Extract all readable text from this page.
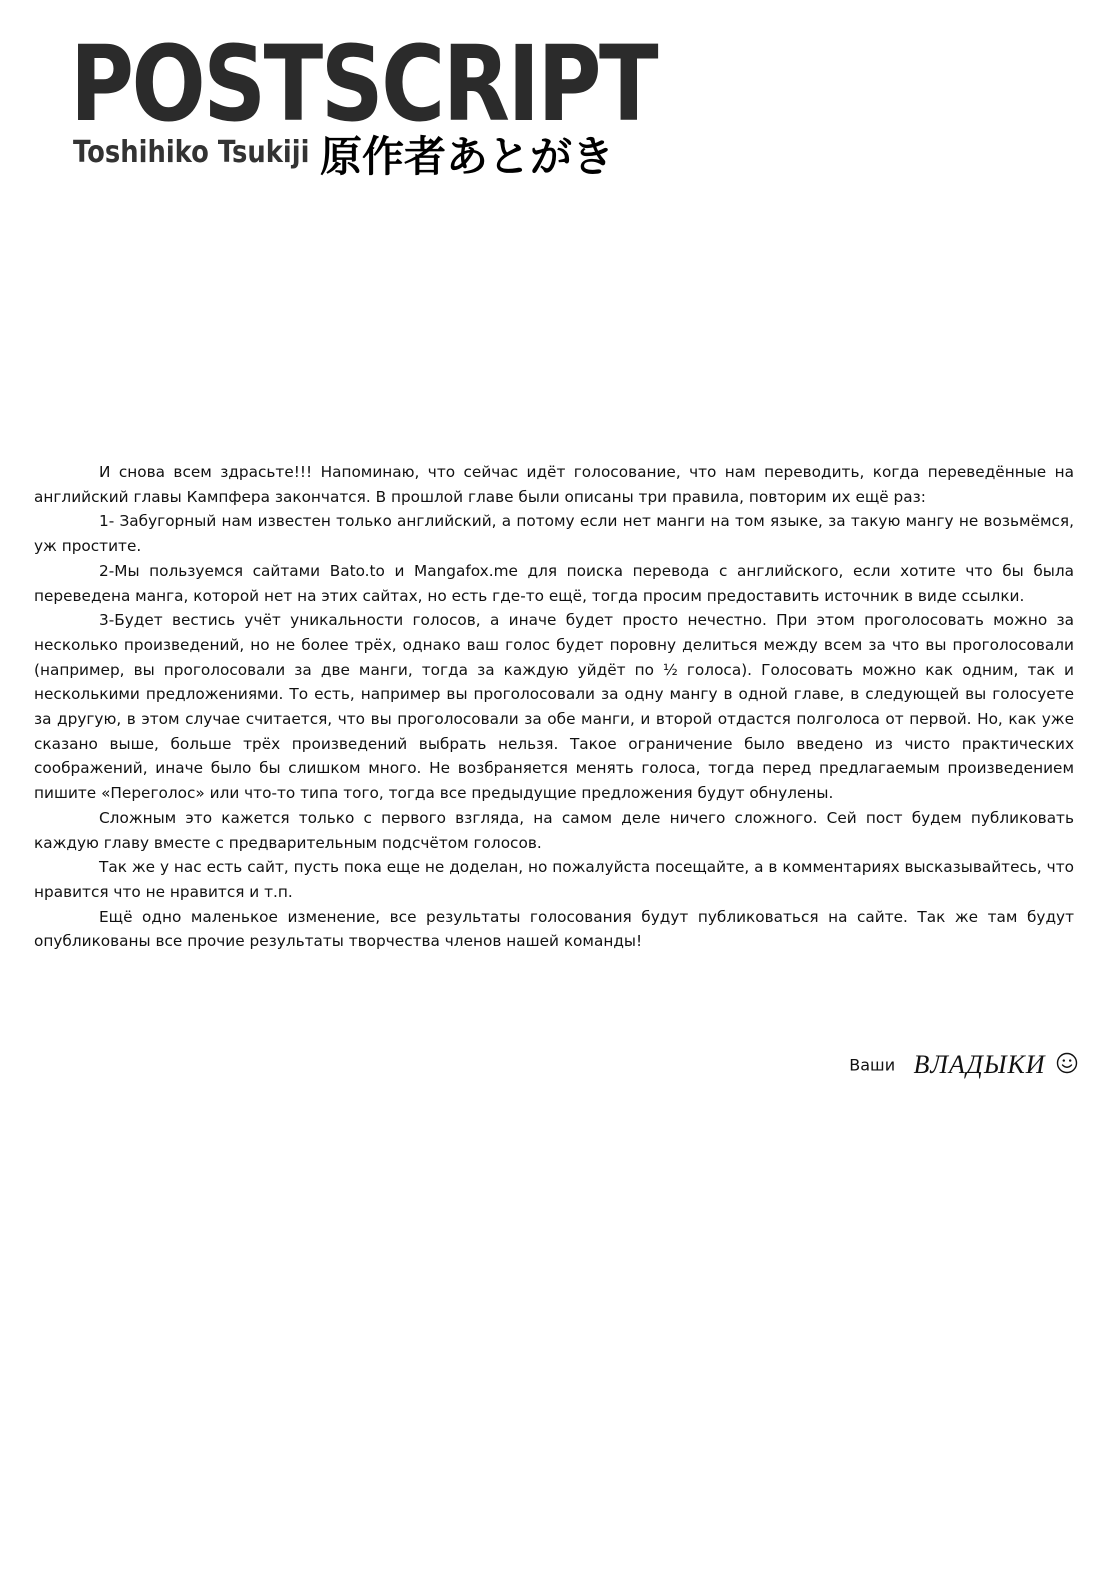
POSTSCRIPT
Toshihiko Tsukiji 原作者あとがき

И снова всем здрасьте!!! Напоминаю, что сейчас идёт голосование, что нам переводить, когда переведённые на английский главы Кампфера закончатся. В прошлой главе были описаны три правила, повторим их ещё раз:

1- Забугорный нам известен только английский, а потому если нет манги на том языке, за такую мангу не возьмёмся, уж простите.

2-Мы пользуемся сайтами Bato.to и Mangafox.me для поиска перевода с английского, если хотите что бы была переведена манга, которой нет на этих сайтах, но есть где-то ещё, тогда просим предоставить источник в виде ссылки.

3-Будет вестись учёт уникальности голосов, а иначе будет просто нечестно. При этом проголосовать можно за несколько произведений, но не более трёх, однако ваш голос будет поровну делиться между всем за что вы проголосовали (например, вы проголосовали за две манги, тогда за каждую уйдёт по ½ голоса). Голосовать можно как одним, так и несколькими предложениями. То есть, например вы проголосовали за одну мангу в одной главе, в следующей вы голосуете за другую, в этом случае считается, что вы проголосовали за обе манги, и второй отдастся полголоса от первой. Но, как уже сказано выше, больше трёх произведений выбрать нельзя. Такое ограничение было введено из чисто практических соображений, иначе было бы слишком много. Не возбраняется менять голоса, тогда перед предлагаемым произведением пишите «Переголос» или что-то типа того, тогда все предыдущие предложения будут обнулены.

Сложным это кажется только с первого взгляда, на самом деле ничего сложного. Сей пост будем публиковать каждую главу вместе с предварительным подсчётом голосов.

Так же у нас есть сайт, пусть пока еще не доделан, но пожалуйста посещайте, а в комментариях высказывайтесь, что нравится что не нравится и т.п.

Ещё одно маленькое изменение, все результаты голосования будут публиковаться на сайте. Так же там будут опубликованы все прочие результаты творчества членов нашей команды!

Ваши ВЛАДЫКИ
